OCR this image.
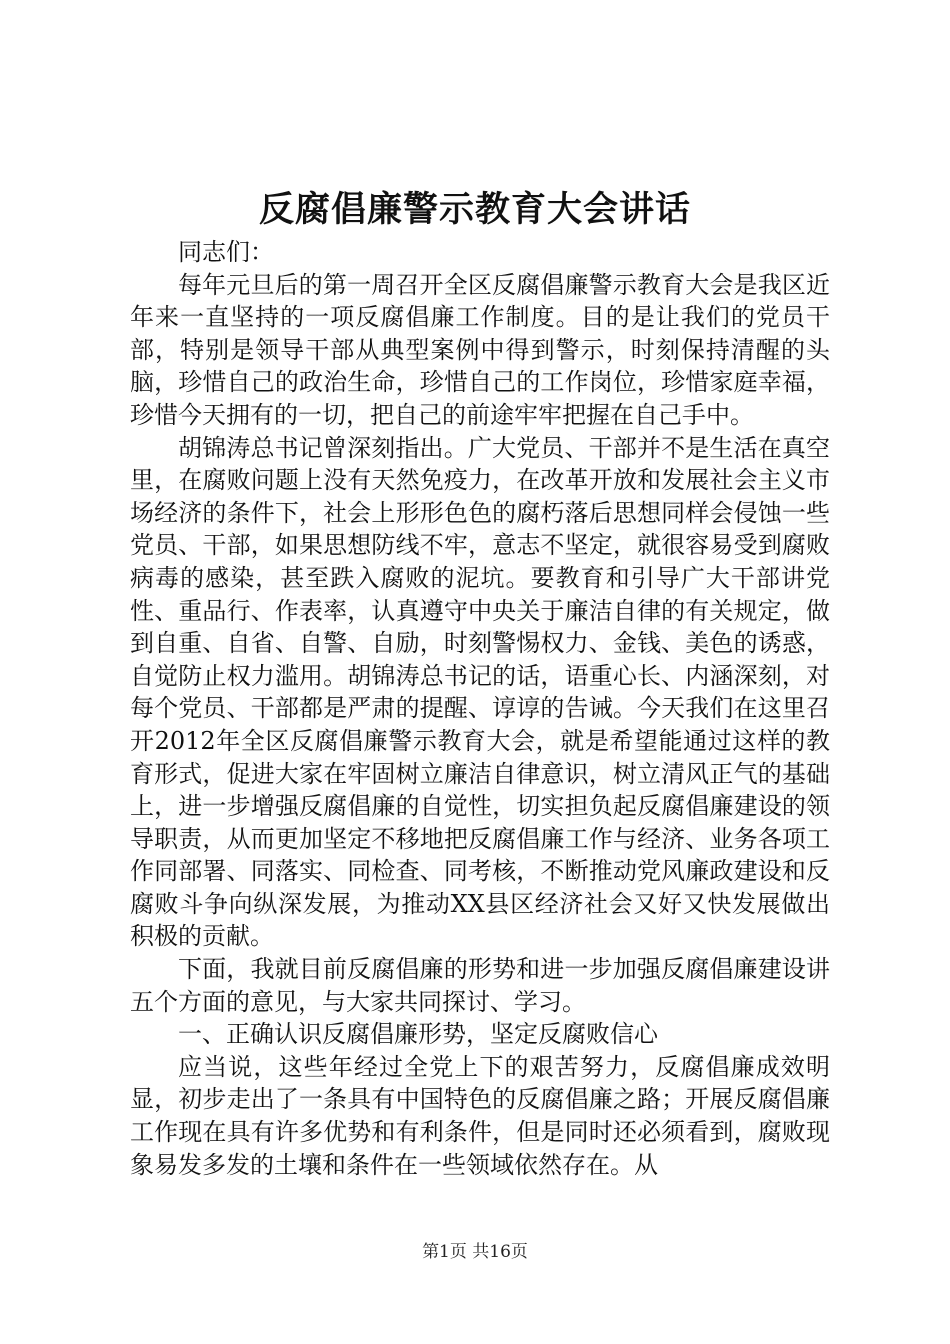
反腐倡廉警示教育大会讲话

同志们：

每年元旦后的第一周召开全区反腐倡廉警示教育大会是我区近年来一直坚持的一项反腐倡廉工作制度。目的是让我们的党员干部，特别是领导干部从典型案例中得到警示，时刻保持清醒的头脑，珍惜自己的政治生命，珍惜自己的工作岗位，珍惜家庭幸福，珍惜今天拥有的一切，把自己的前途牢牢把握在自己手中。

胡锦涛总书记曾深刻指出。广大党员、干部并不是生活在真空里，在腐败问题上没有天然免疫力，在改革开放和发展社会主义市场经济的条件下，社会上形形色色的腐朽落后思想同样会侵蚀一些党员、干部，如果思想防线不牢，意志不坚定，就很容易受到腐败病毒的感染，甚至跌入腐败的泥坑。要教育和引导广大干部讲党性、重品行、作表率，认真遵守中央关于廉洁自律的有关规定，做到自重、自省、自警、自励，时刻警惕权力、金钱、美色的诱惑，自觉防止权力滥用。胡锦涛总书记的话，语重心长、内涵深刻，对每个党员、干部都是严肃的提醒、谆谆的告诫。今天我们在这里召开2012年全区反腐倡廉警示教育大会，就是希望能通过这样的教育形式，促进大家在牢固树立廉洁自律意识，树立清风正气的基础上，进一步增强反腐倡廉的自觉性，切实担负起反腐倡廉建设的领导职责，从而更加坚定不移地把反腐倡廉工作与经济、业务各项工作同部署、同落实、同检查、同考核，不断推动党风廉政建设和反腐败斗争向纵深发展，为推动XX县区经济社会又好又快发展做出积极的贡献。

下面，我就目前反腐倡廉的形势和进一步加强反腐倡廉建设讲五个方面的意见，与大家共同探讨、学习。

一、正确认识反腐倡廉形势，坚定反腐败信心

应当说，这些年经过全党上下的艰苦努力，反腐倡廉成效明显，初步走出了一条具有中国特色的反腐倡廉之路；开展反腐倡廉工作现在具有许多优势和有利条件，但是同时还必须看到，腐败现象易发多发的土壤和条件在一些领域依然存在。从

第1页 共16页
